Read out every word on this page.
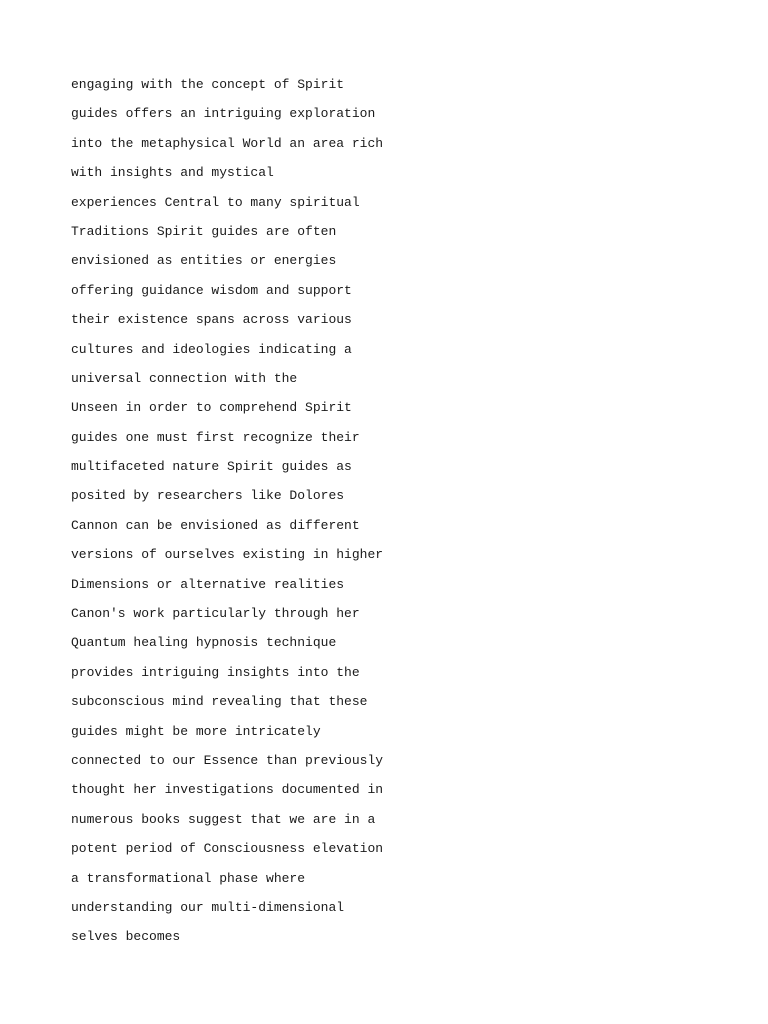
engaging with the concept of Spirit

guides offers an intriguing exploration

into the metaphysical World an area rich

with insights and mystical

experiences Central to many spiritual

Traditions Spirit guides are often

envisioned as entities or energies

offering guidance wisdom and support

their existence spans across various

cultures and ideologies indicating a

universal connection with the

Unseen in order to comprehend Spirit

guides one must first recognize their

multifaceted nature Spirit guides as

posited by researchers like Dolores

Cannon can be envisioned as different

versions of ourselves existing in higher

Dimensions or alternative realities

Canon's work particularly through her

Quantum healing hypnosis technique

provides intriguing insights into the

subconscious mind revealing that these

guides might be more intricately

connected to our Essence than previously

thought her investigations documented in

numerous books suggest that we are in a

potent period of Consciousness elevation

a transformational phase where

understanding our multi-dimensional

selves becomes
